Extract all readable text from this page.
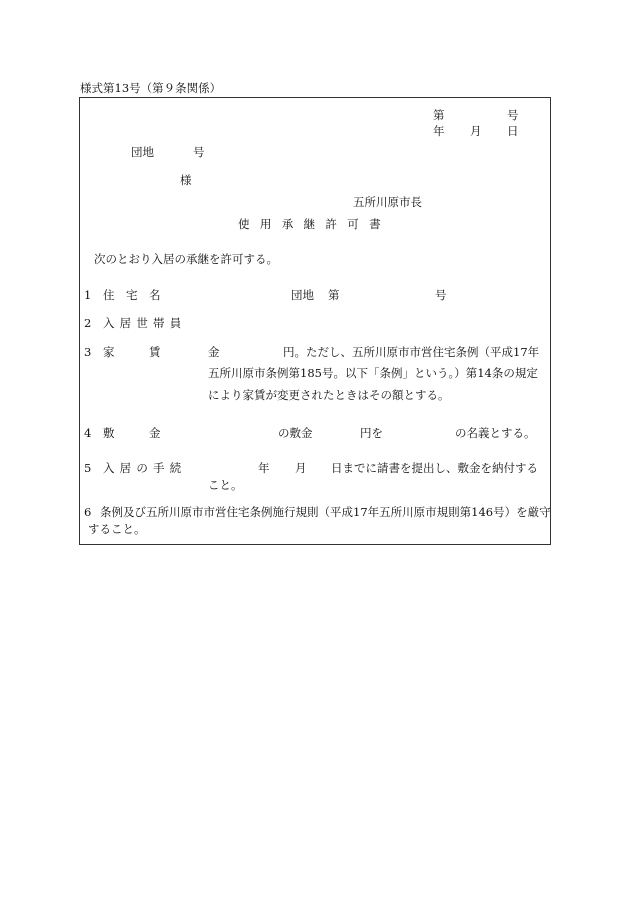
様式第13号（第９条関係）
第	号
年 月 日
団地	号
様
五所川原市長
使用承継許可書
次のとおり入居の承継を許可する。
1 住　宅　名	団地 第	号
2 入居世帯員
3 家　　　賃	金	円。ただし、五所川原市市営住宅条例（平成17年
五所川原市条例第185号。以下「条例」という。）第14条の規定
により家賃が変更されたときはその額とする。
4 敷　　　金	の敷金	円を	の名義とする。
5 入居の手続	年 月 日までに請書を提出し、敷金を納付する
こと。
6 条例及び五所川原市市営住宅条例施行規則（平成17年五所川原市規則第146号）を厳守
すること。
